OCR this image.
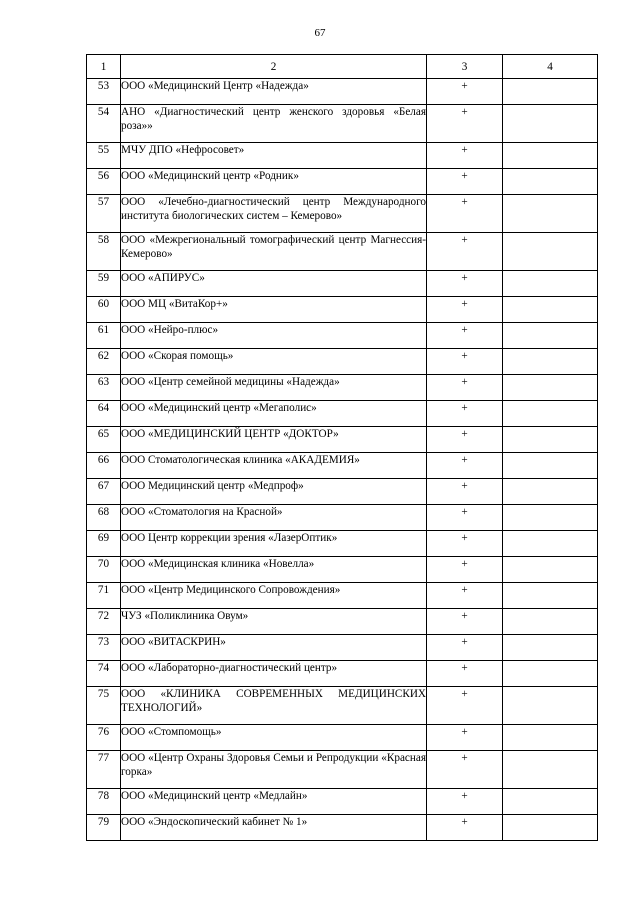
67
1	2	3	4
53	ООО «Медицинский Центр «Надежда»	+	
54	АНО «Диагностический центр женского здоровья «Белая роза»»	+	
55	МЧУ ДПО «Нефросовет»	+	
56	ООО «Медицинский центр «Родник»	+	
57	ООО «Лечебно-диагностический центр Международного института биологических систем – Кемерово»	+	
58	ООО «Межрегиональный томографический центр Магнессия-Кемерово»	+	
59	ООО «АПИРУС»	+	
60	ООО МЦ «ВитаКор+»	+	
61	ООО «Нейро-плюс»	+	
62	ООО «Скорая помощь»	+	
63	ООО «Центр семейной медицины «Надежда»	+	
64	ООО «Медицинский центр «Мегаполис»	+	
65	ООО «МЕДИЦИНСКИЙ ЦЕНТР «ДОКТОР»	+	
66	ООО Стоматологическая клиника «АКАДЕМИЯ»	+	
67	ООО Медицинский центр «Медпроф»	+	
68	ООО «Стоматология на Красной»	+	
69	ООО Центр коррекции зрения «ЛазерОптик»	+	
70	ООО «Медицинская клиника «Новелла»	+	
71	ООО «Центр Медицинского Сопровождения»	+	
72	ЧУЗ «Поликлиника Овум»	+	
73	ООО «ВИТАСКРИН»	+	
74	ООО «Лабораторно-диагностический центр»	+	
75	ООО «КЛИНИКА СОВРЕМЕННЫХ МЕДИЦИНСКИХ ТЕХНОЛОГИЙ»	+	
76	ООО «Стомпомощь»	+	
77	ООО «Центр Охраны Здоровья Семьи и Репродукции «Красная горка»	+	
78	ООО «Медицинский центр «Медлайн»	+	
79	ООО «Эндоскопический кабинет № 1»	+	
